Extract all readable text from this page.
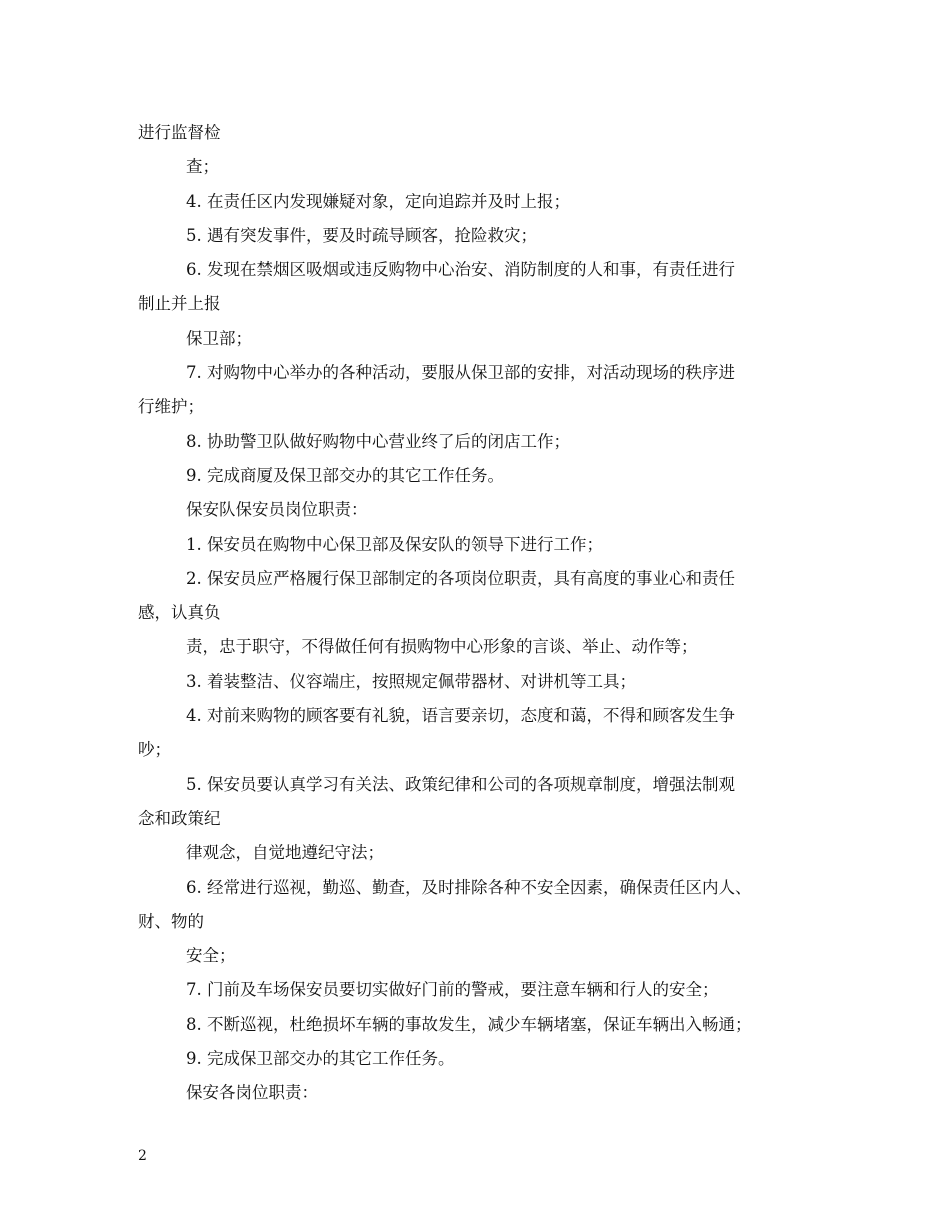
进行监督检
查；
4. 在责任区内发现嫌疑对象，定向追踪并及时上报；
5. 遇有突发事件，要及时疏导顾客，抢险救灾；
6. 发现在禁烟区吸烟或违反购物中心治安、消防制度的人和事，有责任进行
制止并上报
保卫部；
7. 对购物中心举办的各种活动，要服从保卫部的安排，对活动现场的秩序进
行维护；
8. 协助警卫队做好购物中心营业终了后的闭店工作；
9. 完成商厦及保卫部交办的其它工作任务。
保安队保安员岗位职责：
1. 保安员在购物中心保卫部及保安队的领导下进行工作；
2. 保安员应严格履行保卫部制定的各项岗位职责，具有高度的事业心和责任
感，认真负
责，忠于职守，不得做任何有损购物中心形象的言谈、举止、动作等；
3. 着装整洁、仪容端庄，按照规定佩带器材、对讲机等工具；
4. 对前来购物的顾客要有礼貌，语言要亲切，态度和蔼，不得和顾客发生争
吵；
5. 保安员要认真学习有关法、政策纪律和公司的各项规章制度，增强法制观
念和政策纪
律观念，自觉地遵纪守法；
6. 经常进行巡视，勤巡、勤查，及时排除各种不安全因素，确保责任区内人、
财、物的
安全；
7. 门前及车场保安员要切实做好门前的警戒，要注意车辆和行人的安全；
8. 不断巡视，杜绝损坏车辆的事故发生，减少车辆堵塞，保证车辆出入畅通；
9. 完成保卫部交办的其它工作任务。
保安各岗位职责：
2
